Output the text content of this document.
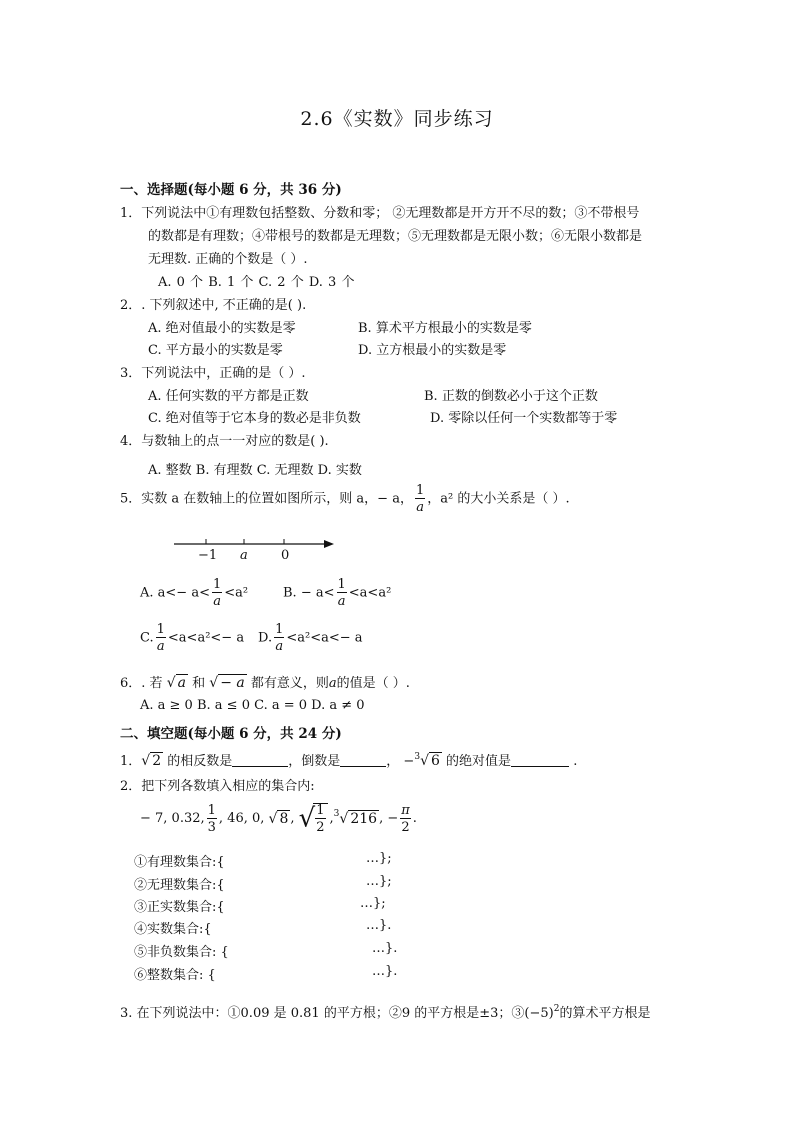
2.6《实数》同步练习
一、选择题(每小题 6 分，共 36 分)
1．下列说法中①有理数包括整数、分数和零； ②无理数都是开方开不尽的数；③不带根号
的数都是有理数；④带根号的数都是无理数；⑤无理数都是无限小数；⑥无限小数都是
无理数. 正确的个数是（ ）.
A. 0 个 B. 1 个 C. 2 个 D. 3 个
2．. 下列叙述中, 不正确的是( ).
A. 绝对值最小的实数是零	B. 算术平方根最小的实数是零
C. 平方最小的实数是零	D. 立方根最小的实数是零
3．下列说法中，正确的是（ ）.
A. 任何实数的平方都是正数	B. 正数的倒数必小于这个正数
C. 绝对值等于它本身的数必是非负数	D. 零除以任何一个实数都等于零
4．与数轴上的点一一对应的数是( ).
A. 整数 B. 有理数 C. 无理数 D. 实数
5．实数 a 在数轴上的位置如图所示，则 a，− a， $\frac{1}{a}$ ，a² 的大小关系是（ ）.
−1 a	0
A. $a<- a< \frac{1}{a} <a^2$	B. − $a< \frac{1}{a} <a<a^2$
C. $\frac{1}{a} <a<a^2<- a$ D. $\frac{1}{a} <a^2<a<- a$
6．. 若 √ a 和 √ − a 都有意义，则a的值是（ ）.
A. a ≥ 0 B. a ≤ 0 C. a = 0 D. a ≠ 0
二、填空题(每小题 6 分，共 24 分)
1．√ 2 的相反数是	，倒数是	， −$^3$√ 6 的绝对值是	.
2．把下列各数填入相应的集合内:
− 7, 0.32, $\frac{1}{3}$ , 46, 0, √ 8 , √
$\frac{1}{2} ,^3√$ 216 , − $\frac{\pi}{2}$ .
①有理数集合:{	…};
②无理数集合:{	…};
③正实数集合:{	…};
④实数集合:{	…}.
⑤非负数集合: {	…}.
⑥整数集合: {	…}.
3. 在下列说法中：①0.09 是 0.81 的平方根；②9 的平方根是±3；$③(-5)^2$的算术平方根是
